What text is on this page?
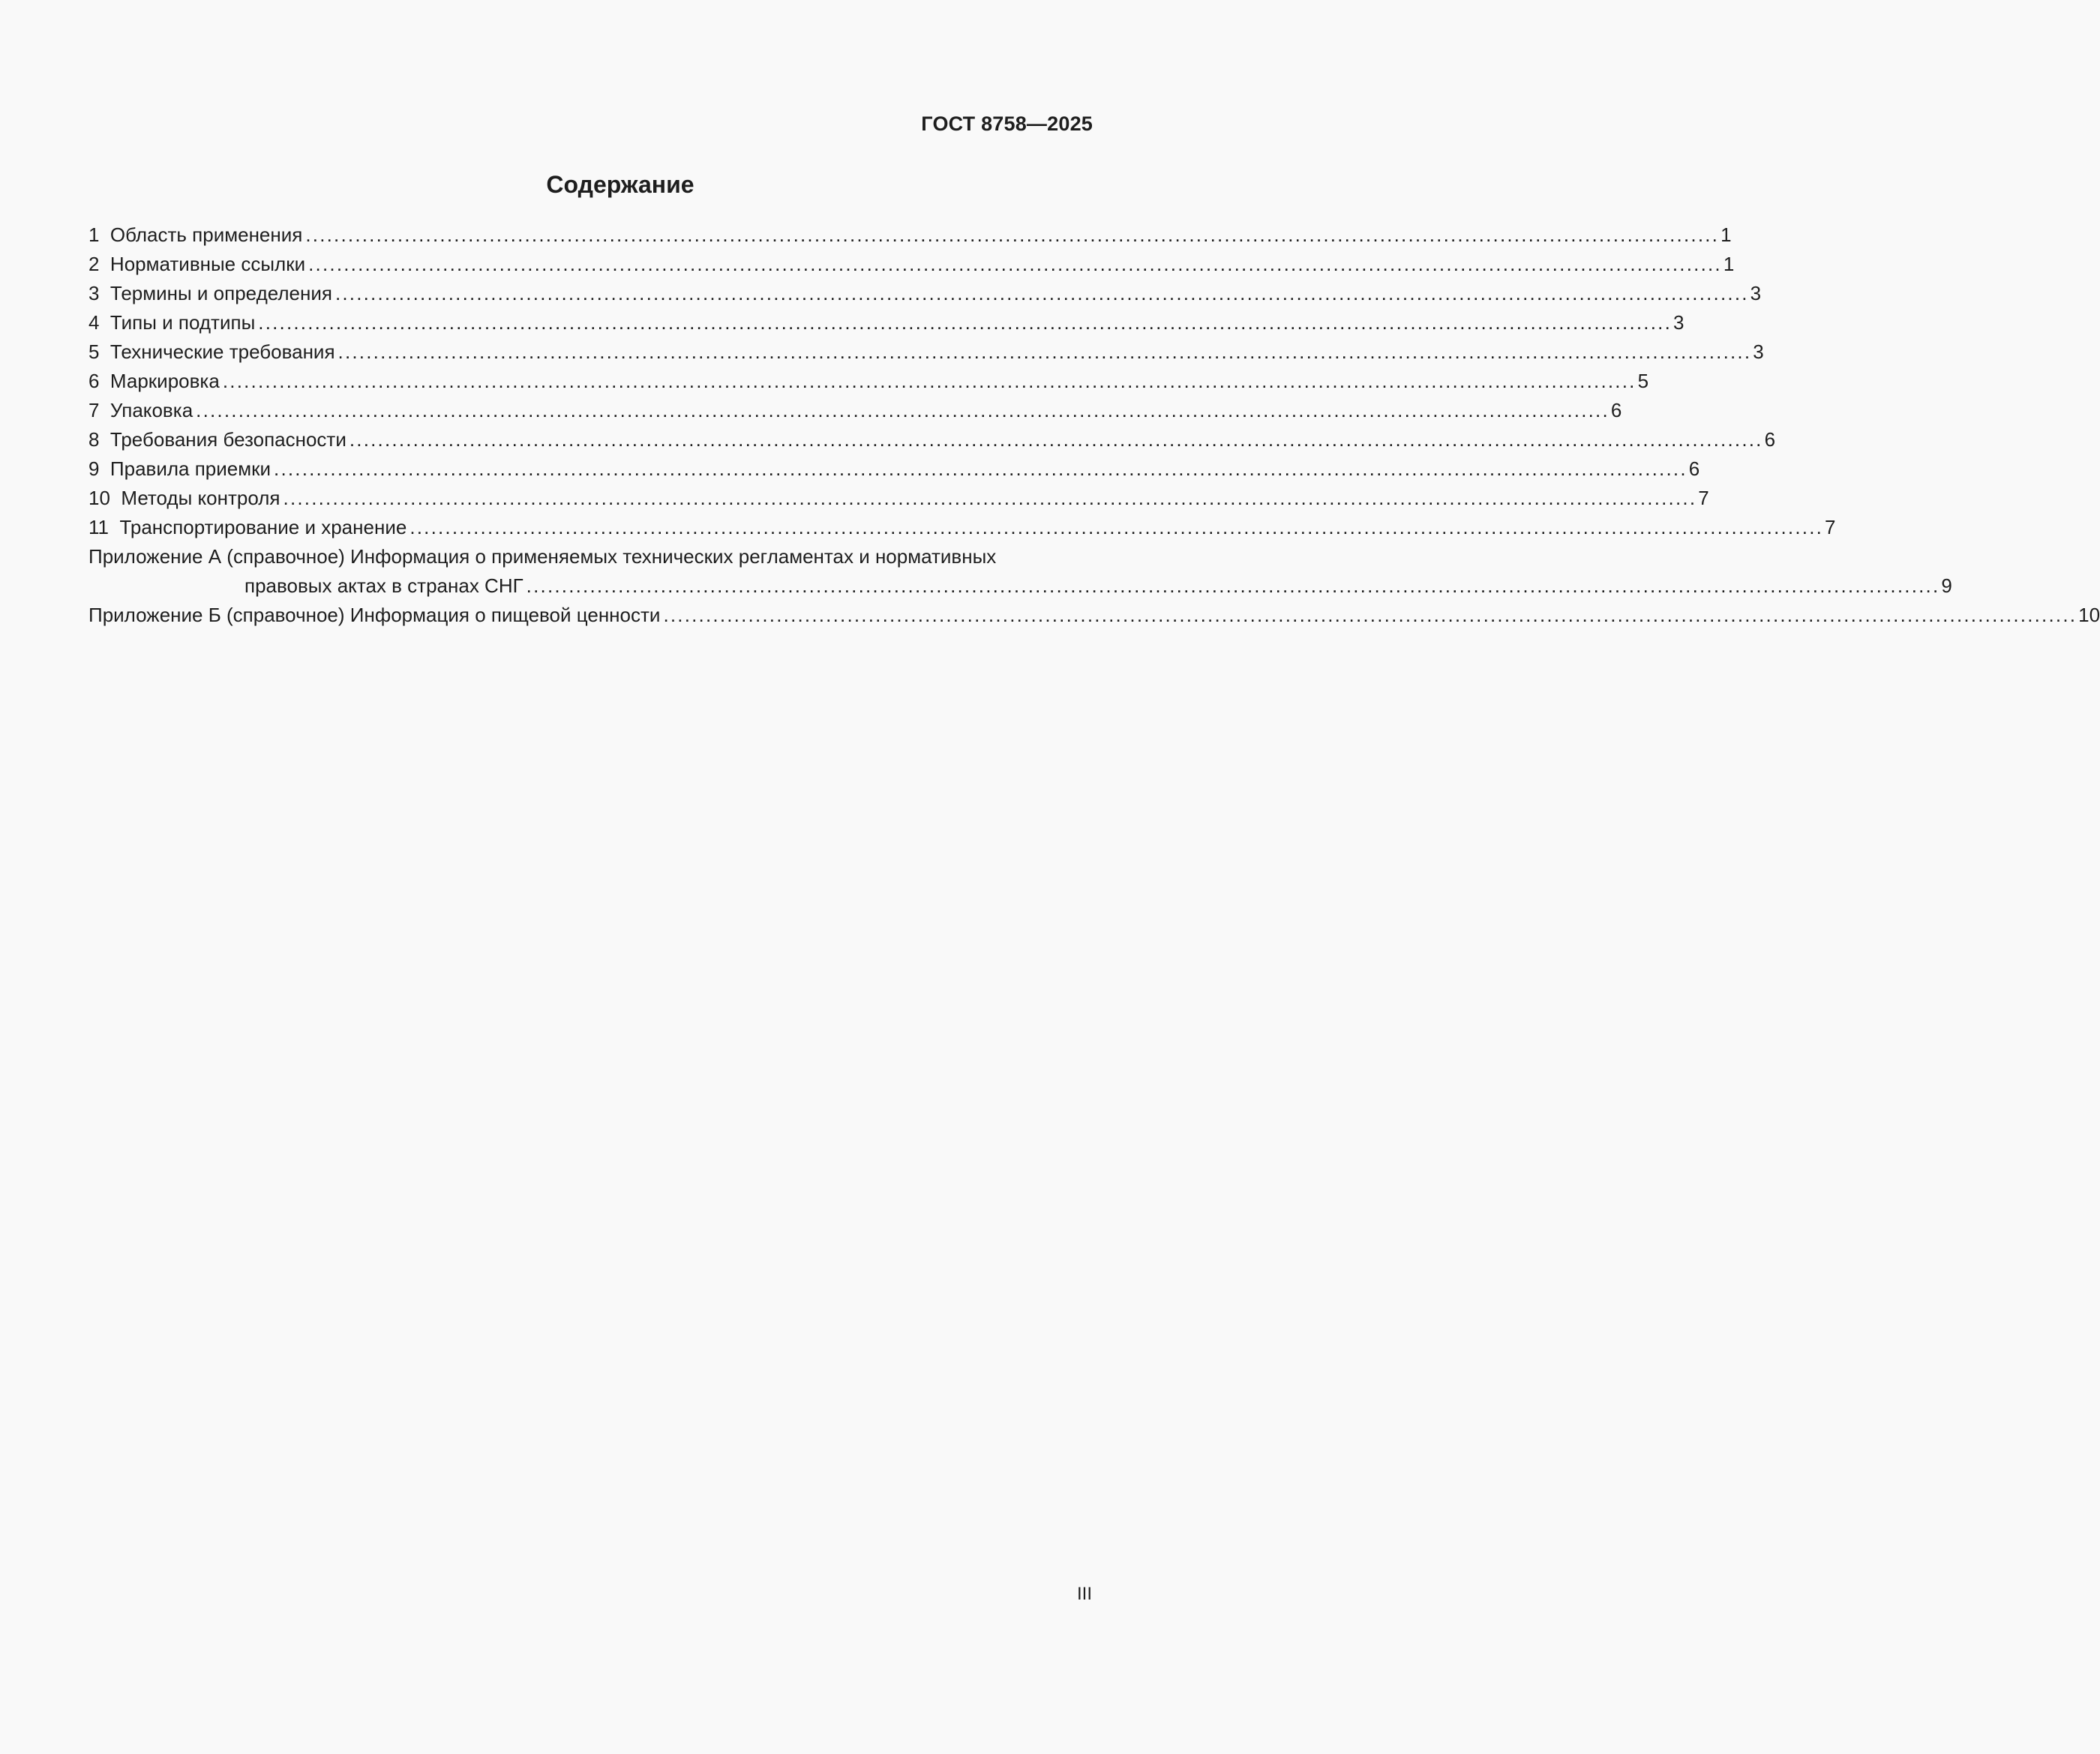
ГОСТ 8758—2025
Содержание
1
Область применения ........................................................................................................................................................................................................ 1
2
Нормативные ссылки ........................................................................................................................................................................................................ 1
3
Термины и определения ........................................................................................................................................................................................................ 3
4
Типы и подтипы ........................................................................................................................................................................................................ 3
5
Технические требования ........................................................................................................................................................................................................ 3
6
Маркировка ........................................................................................................................................................................................................ 5
7
Упаковка ........................................................................................................................................................................................................ 6
8
Требования безопасности ........................................................................................................................................................................................................ 6
9
Правила приемки ........................................................................................................................................................................................................ 6
10
Методы контроля ........................................................................................................................................................................................................ 7
11
Транспортирование и хранение ........................................................................................................................................................................................................ 7
Приложение А (справочное) Информация о применяемых технических регламентах и нормативных
правовых актах в странах СНГ ........................................................................................................................................................................................................ 9
Приложение Б (справочное) Информация о пищевой ценности ........................................................................................................................................................................................................ 10
III
